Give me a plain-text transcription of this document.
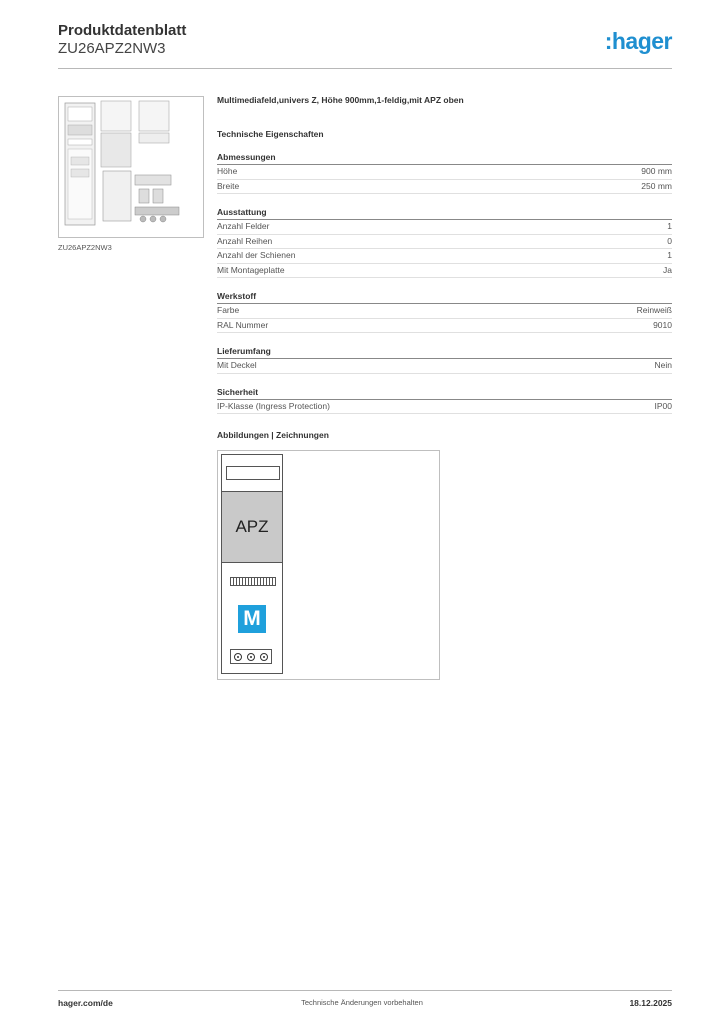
Produktdatenblatt
ZU26APZ2NW3	:hager
ZU26APZ2NW3
Multimediafeld,univers Z, Höhe 900mm,1-feldig,mit APZ oben
Technische Eigenschaften
Abmessungen
Höhe	900 mm
Breite	250 mm
Ausstattung
Anzahl Felder	1
Anzahl Reihen	0
Anzahl der Schienen	1
Mit Montageplatte	Ja
Werkstoff
Farbe	Reinweiß
RAL Nummer	9010
Lieferumfang
Mit Deckel	Nein
Sicherheit
IP-Klasse (Ingress Protection)	IP00
Abbildungen | Zeichnungen
APZ
M
hager.com/de	Technische Änderungen vorbehalten	18.12.2025
